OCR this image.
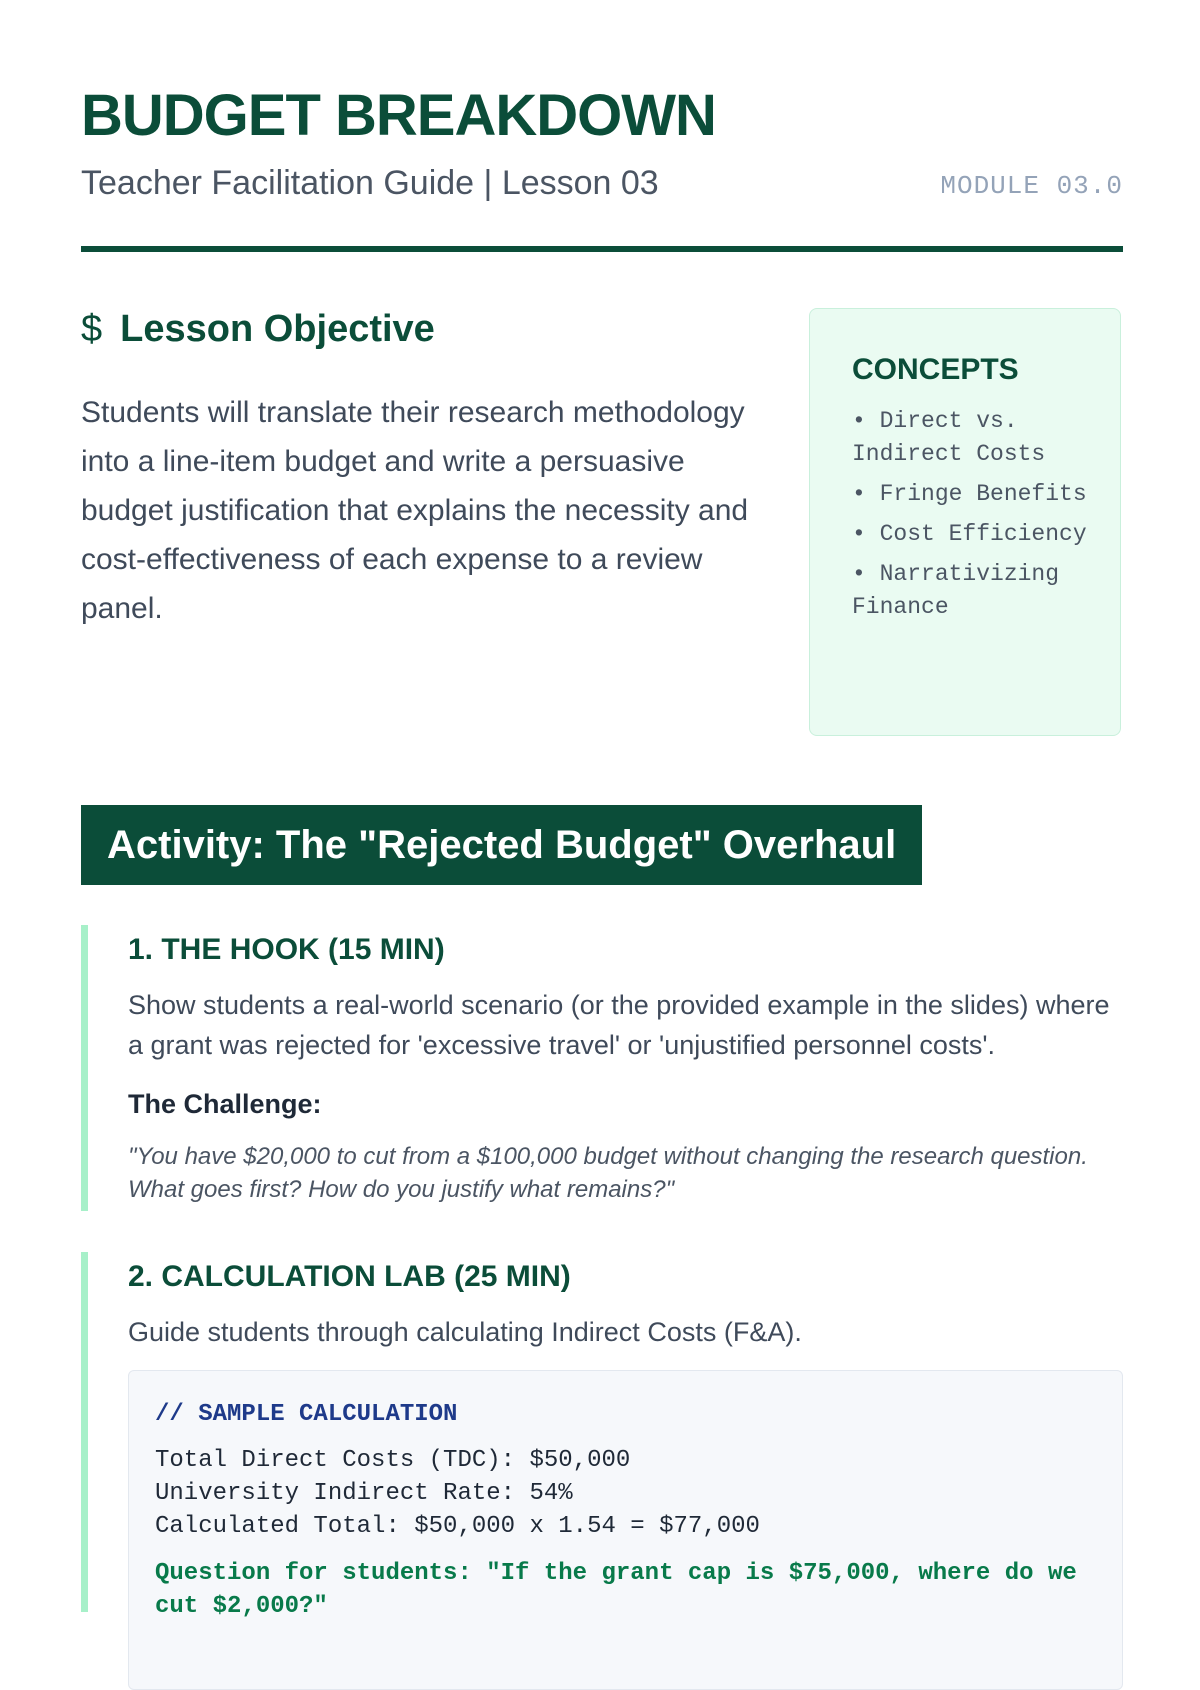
BUDGET BREAKDOWN
Teacher Facilitation Guide | Lesson 03	MODULE 03.0
$ Lesson Objective

Students will translate their research methodology into a line-item budget and write a persuasive budget justification that explains the necessity and cost-effectiveness of each expense to a review panel.

CONCEPTS
• Direct vs. Indirect Costs
• Fringe Benefits
• Cost Efficiency
• Narrativizing Finance
Activity: The "Rejected Budget" Overhaul
1. THE HOOK (15 MIN)

Show students a real-world scenario (or the provided example in the slides) where a grant was rejected for 'excessive travel' or 'unjustified personnel costs'.

The Challenge:

"You have $20,000 to cut from a $100,000 budget without changing the research question. What goes first? How do you justify what remains?"

2. CALCULATION LAB (25 MIN)

Guide students through calculating Indirect Costs (F&A).

// SAMPLE CALCULATION

Total Direct Costs (TDC): $50,000

University Indirect Rate: 54%

Calculated Total: $50,000 x 1.54 = $77,000

Question for students: "If the grant cap is $75,000, where do we cut $2,000?"
